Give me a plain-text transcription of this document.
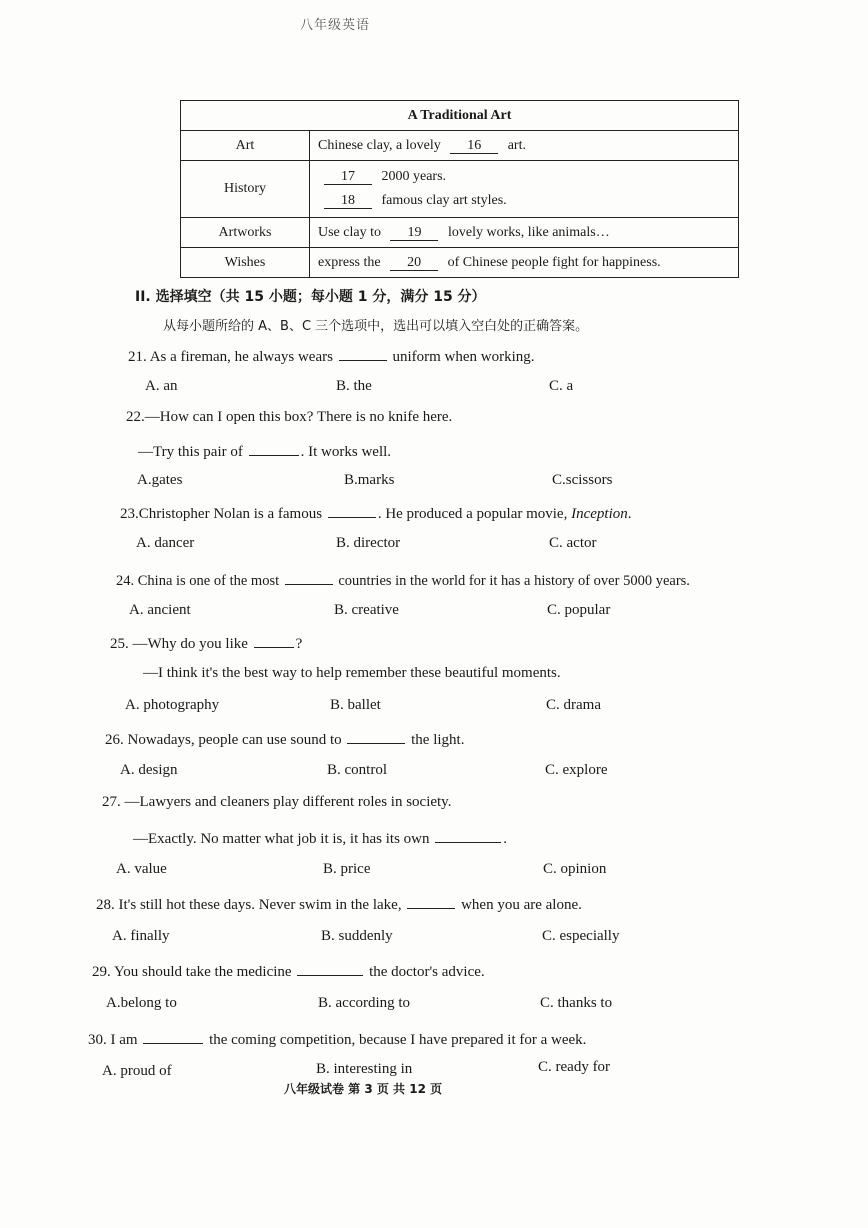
八年级英语
A Traditional Art	
Art	Chinese clay, a lovely 16 art.
History	17 2000 years.
18 famous clay art styles.

Artworks	Use clay to 19 lovely works, like animals…
Wishes	express the 20 of Chinese people fight for happiness.
II. 选择填空（共 15 小题；每小题 1 分，满分 15 分）
从每小题所给的 A、B、C 三个选项中，选出可以填入空白处的正确答案。
21. As a fireman, he always wears	uniform when working.
A. an	B. the	C. a
22.—How can I open this box? There is no knife here.
—Try this pair of	. It works well.
A.gates	B.marks	C.scissors
23.Christopher Nolan is a famous	. He produced a popular movie, Inception.
A. dancer	B. director	C. actor
24. China is one of the most	countries in the world for it has a history of over 5000 years.
A. ancient	B. creative	C. popular
25. —Why do you like	?
—I think it's the best way to help remember these beautiful moments.
A. photography	B. ballet	C. drama
26. Nowadays, people can use sound to	the light.
A. design	B. control	C. explore
27. —Lawyers and cleaners play different roles in society.
—Exactly. No matter what job it is, it has its own	.
A. value	B. price	C. opinion
28. It's still hot these days. Never swim in the lake,	when you are alone.
A. finally	B. suddenly	C. especially
29. You should take the medicine	the doctor's advice.
A.belong to	B. according to	C. thanks to
30. I am	the coming competition, because I have prepared it for a week.
A. proud of	B. interesting in	C. ready for
八年级试卷 第 3 页 共 12 页
